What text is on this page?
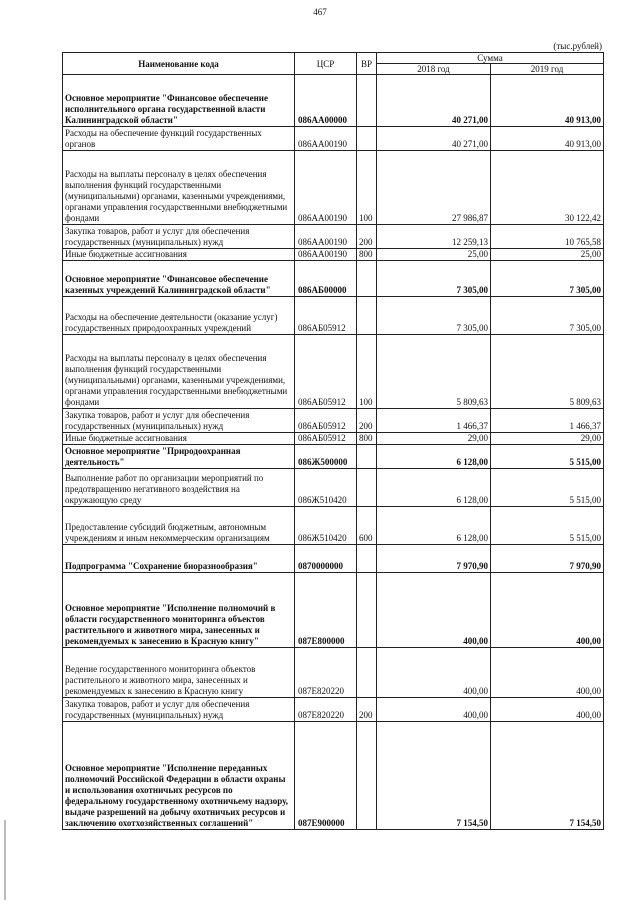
467
(тыс.рублей)
Наименование кода	ЦСР	ВР	Сумма	
			2018 год	2019 год
Основное мероприятие "Финансовое обеспечение исполнительного органа государственной власти Калининградской области"	086АА00000		40 271,00	40 913,00
Расходы на обеспечение функций государственных органов	086АА00190		40 271,00	40 913,00
Расходы на выплаты персоналу в целях обеспечения выполнения функций государственными (муниципальными) органами, казенными учреждениями, органами управления государственными внебюджетными фондами	086АА00190	100	27 986,87	30 122,42
Закупка товаров, работ и услуг для обеспечения государственных (муниципальных) нужд	086АА00190	200	12 259,13	10 765,58
Иные бюджетные ассигнования	086АА00190	800	25,00	25,00
Основное мероприятие "Финансовое обеспечение казенных учреждений Калининградской области"	086АБ00000		7 305,00	7 305,00
Расходы на обеспечение деятельности (оказание услуг) государственных природоохранных учреждений	086АБ05912		7 305,00	7 305,00
Расходы на выплаты персоналу в целях обеспечения выполнения функций государственными (муниципальными) органами, казенными учреждениями, органами управления государственными внебюджетными фондами	086АБ05912	100	5 809,63	5 809,63
Закупка товаров, работ и услуг для обеспечения государственных (муниципальных) нужд	086АБ05912	200	1 466,37	1 466,37
Иные бюджетные ассигнования	086АБ05912	800	29,00	29,00
Основное мероприятие "Природоохранная деятельность"	086Ж500000		6 128,00	5 515,00
Выполнение работ по организации мероприятий по предотвращению негативного воздействия на окружающую среду	086Ж510420		6 128,00	5 515,00
Предоставление субсидий бюджетным, автономным учреждениям и иным некоммерческим организациям	086Ж510420	600	6 128,00	5 515,00
Подпрограмма "Сохранение биоразнообразия"	0870000000		7 970,90	7 970,90
Основное мероприятие "Исполнение полномочий в области государственного мониторинга объектов растительного и животного мира, занесенных и рекомендуемых к занесению в Красную книгу"	087Е800000		400,00	400,00
Ведение государственного мониторинга объектов растительного и животного мира, занесенных и рекомендуемых к занесению в Красную книгу	087Е820220		400,00	400,00
Закупка товаров, работ и услуг для обеспечения государственных (муниципальных) нужд	087Е820220	200	400,00	400,00
Основное мероприятие "Исполнение переданных полномочий Российской Федерации в области охраны и использования охотничьих ресурсов по федеральному государственному охотничьему надзору, выдаче разрешений на добычу охотничьих ресурсов и заключению охотхозяйственных соглашений"	087Е900000		7 154,50	7 154,50
